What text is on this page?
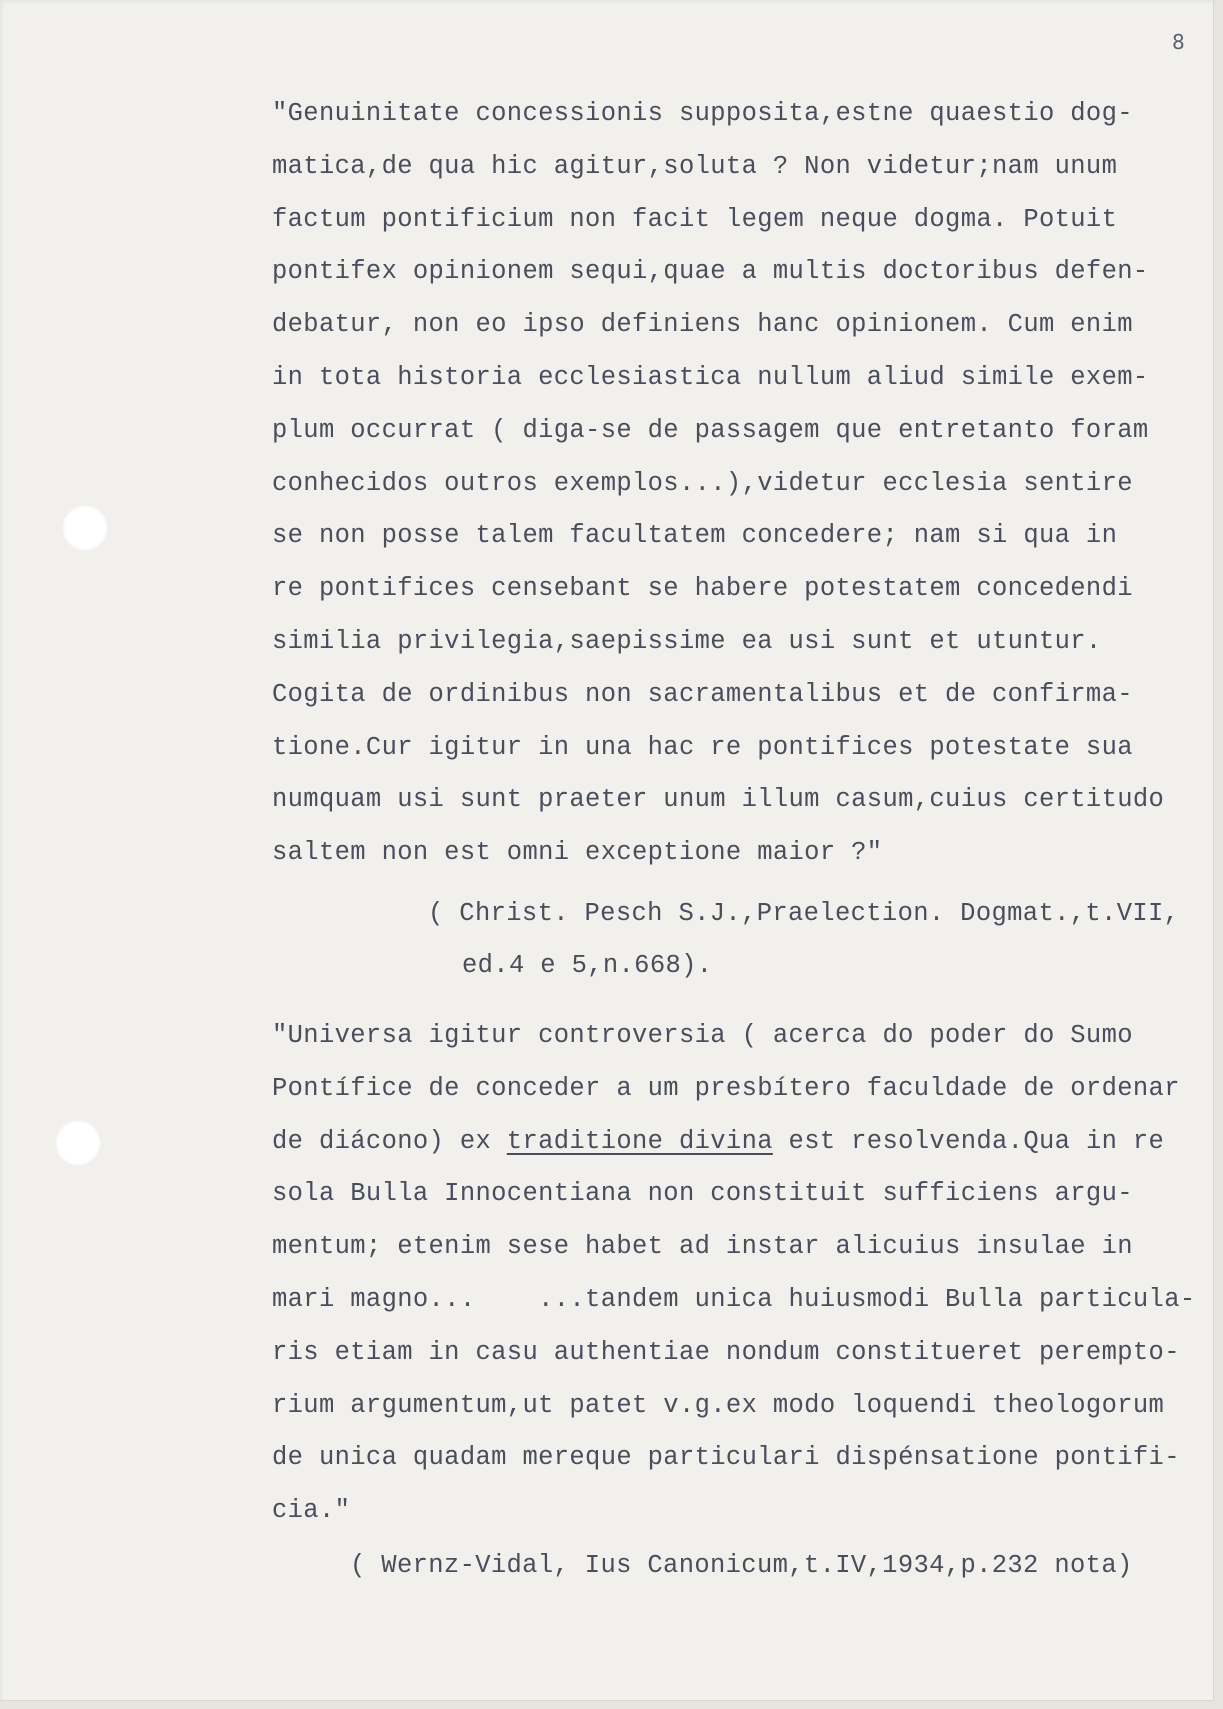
8
"Genuinitate concessionis supposita,estne quaestio dog-
matica,de qua hic agitur,soluta ? Non videtur;nam unum
factum pontificium non facit legem neque dogma. Potuit
pontifex opinionem sequi,quae a multis doctoribus defen-
debatur, non eo ipso definiens hanc opinionem. Cum enim
in tota historia ecclesiastica nullum aliud simile exem-
plum occurrat ( diga-se de passagem que entretanto foram
conhecidos outros exemplos...),videtur ecclesia sentire
se non posse talem facultatem concedere; nam si qua in
re pontifices censebant se habere potestatem concedendi
similia privilegia,saepissime ea usi sunt et utuntur.
Cogita de ordinibus non sacramentalibus et de confirma-
tione.Cur igitur in una hac re pontifices potestate sua
numquam usi sunt praeter unum illum casum,cuius certitudo
saltem non est omni exceptione maior ?"
( Christ. Pesch S.J.,Praelection. Dogmat.,t.VII,
ed.4 e 5,n.668).
"Universa igitur controversia ( acerca do poder do Sumo
Pontífice de conceder a um presbítero faculdade de ordenar
de diácono) ex traditione divina est resolvenda.Qua in re
sola Bulla Innocentiana non constituit sufficiens argu-
mentum; etenim sese habet ad instar alicuius insulae in
mari magno...    ...tandem unica huiusmodi Bulla particula-
ris etiam in casu authentiae nondum constitueret perempto-
rium argumentum,ut patet v.g.ex modo loquendi theologorum
de unica quadam mereque particulari dispénsatione pontifi-
cia."
( Wernz-Vidal, Ius Canonicum,t.IV,1934,p.232 nota)
